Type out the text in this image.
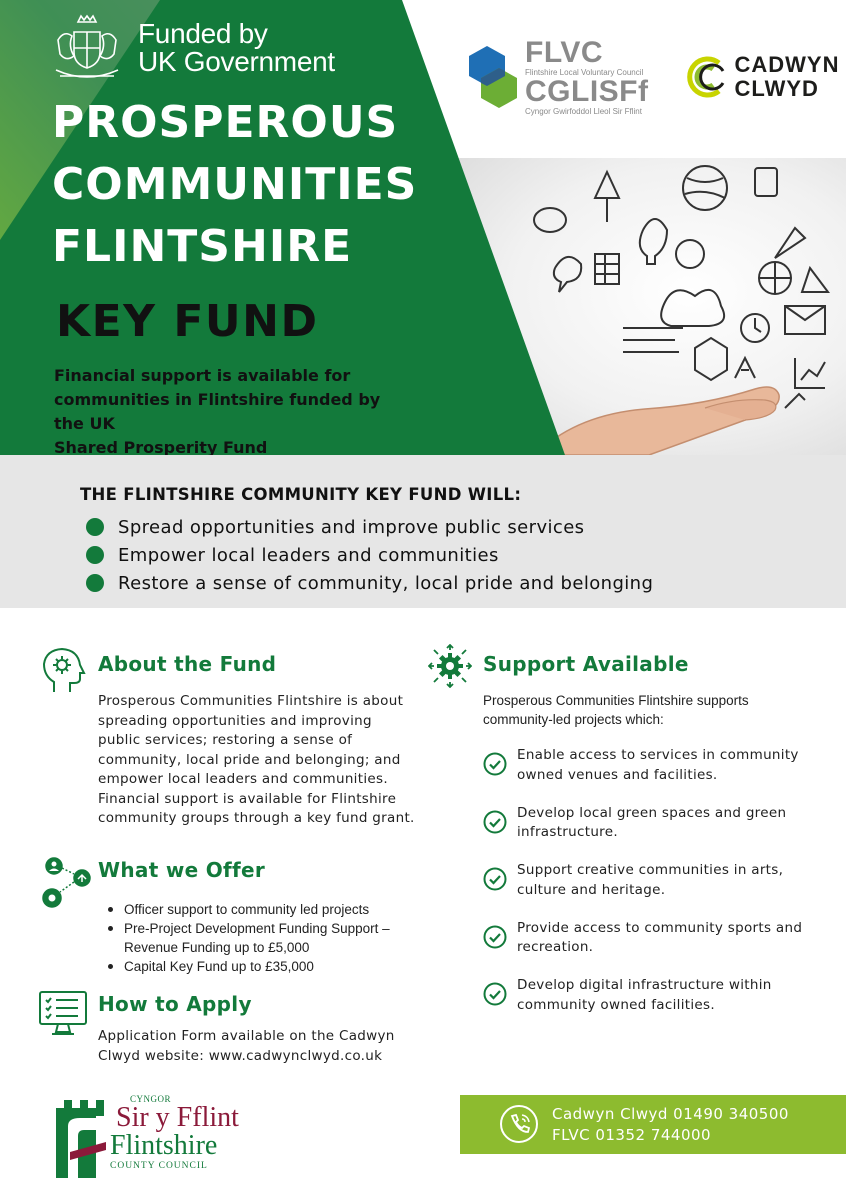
Funded by
UK Government
PROSPEROUS
COMMUNITIES
FLINTSHIRE
KEY FUND
Financial support is available for
communities in Flintshire funded by the UK
Shared Prosperity Fund
FLVC
Flintshire Local Voluntary Council
CGLISFf
Cyngor Gwirfoddol Lleol Sir Fflint
CADWYN
CLWYD
THE FLINTSHIRE COMMUNITY KEY FUND WILL:
Spread opportunities and improve public services
Empower local leaders and communities
Restore a sense of community, local pride and belonging
About the Fund
Prosperous Communities Flintshire is about
spreading opportunities and improving
public services; restoring a sense of
community, local pride and belonging; and
empower local leaders and communities.
Financial support is available for Flintshire
community groups through a key fund grant.
What we Offer
Officer support to community led projects
Pre-Project Development Funding Support –
Revenue Funding up to £5,000
Capital Key Fund up to £35,000
How to Apply
Application Form available on the Cadwyn
Clwyd website: www.cadwynclwyd.co.uk
Support Available
Prosperous Communities Flintshire supports
community-led projects which:
Enable access to services in community
owned venues and facilities.
Develop local green spaces and green
infrastructure.
Support creative communities in arts,
culture and heritage.
Provide access to community sports and
recreation.
Develop digital infrastructure within
community owned facilities.
CYNGOR
Sir y Fflint
Flintshire
COUNTY COUNCIL
Cadwyn Clwyd 01490 340500
FLVC 01352 744000
